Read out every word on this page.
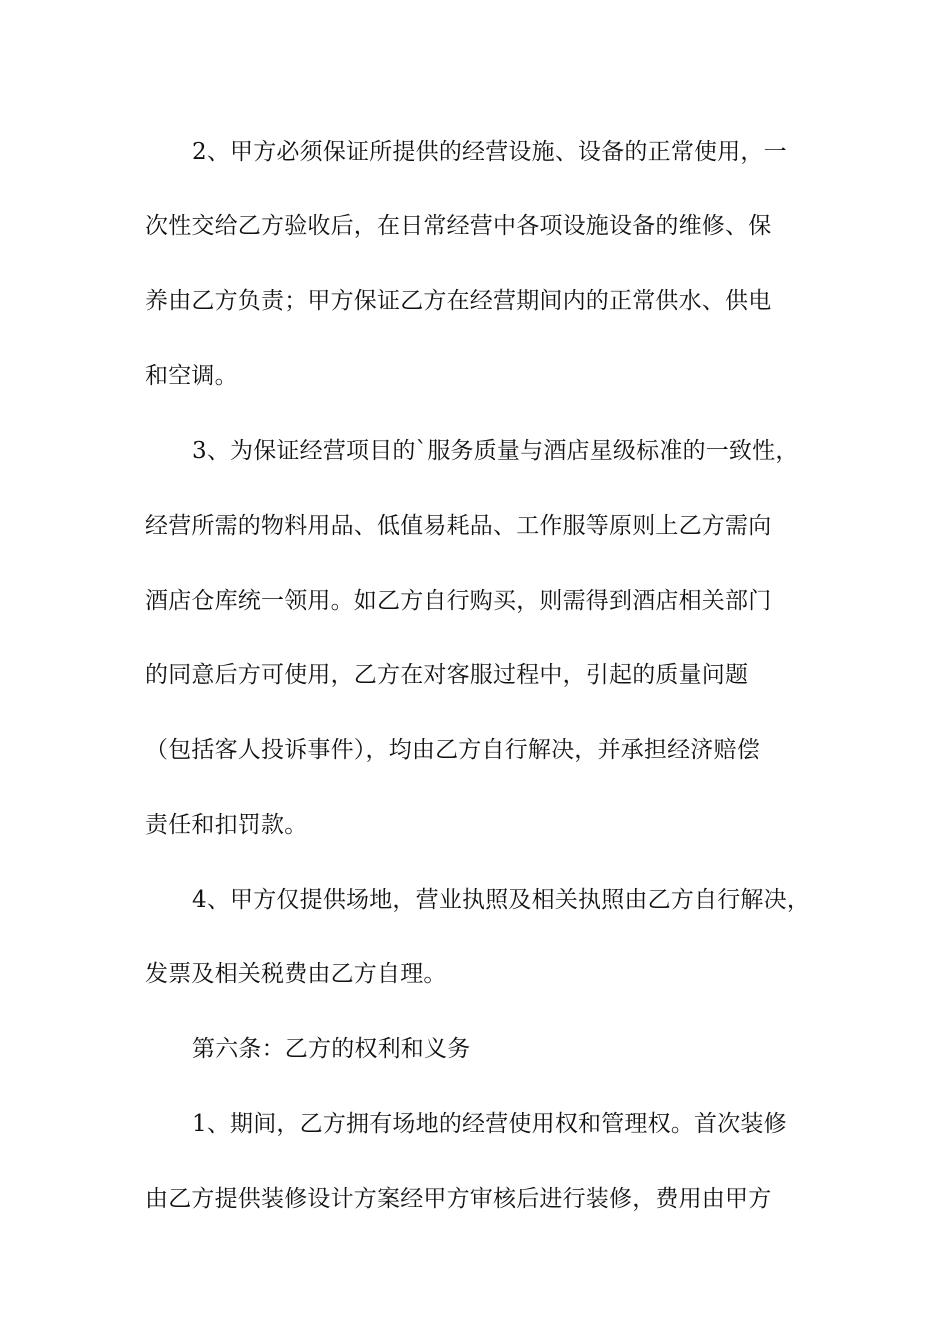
2、甲方必须保证所提供的经营设施、设备的正常使用，一
次性交给乙方验收后，在日常经营中各项设施设备的维修、保
养由乙方负责；甲方保证乙方在经营期间内的正常供水、供电
和空调。
3、为保证经营项目的`服务质量与酒店星级标准的一致性，
经营所需的物料用品、低值易耗品、工作服等原则上乙方需向
酒店仓库统一领用。如乙方自行购买，则需得到酒店相关部门
的同意后方可使用，乙方在对客服过程中，引起的质量问题
（包括客人投诉事件），均由乙方自行解决，并承担经济赔偿
责任和扣罚款。
4、甲方仅提供场地，营业执照及相关执照由乙方自行解决，
发票及相关税费由乙方自理。
第六条：乙方的权利和义务
1、期间，乙方拥有场地的经营使用权和管理权。首次装修
由乙方提供装修设计方案经甲方审核后进行装修，费用由甲方
